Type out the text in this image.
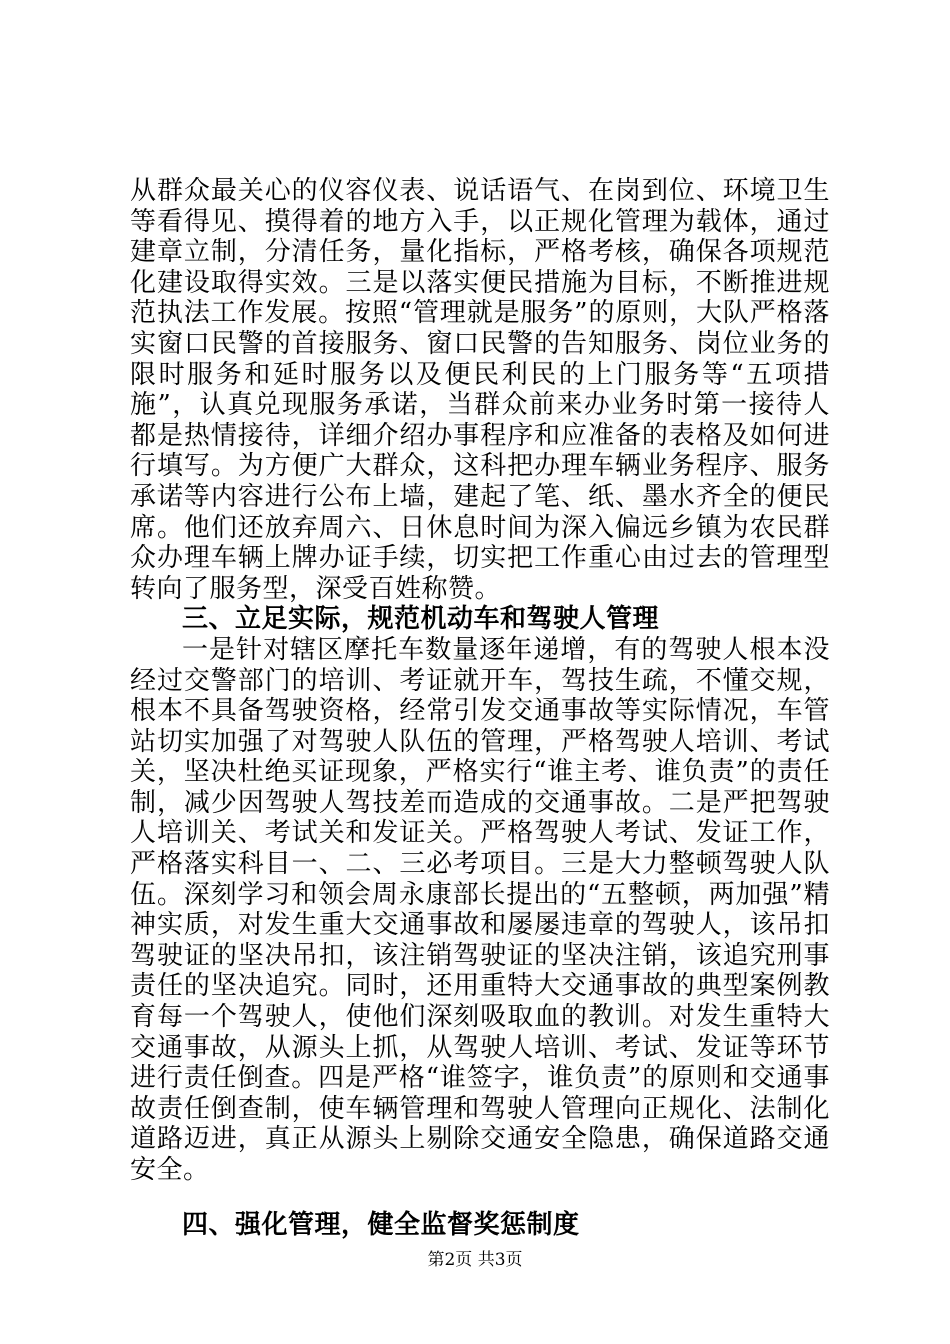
从群众最关心的仪容仪表、说话语气、在岗到位、环境卫生等看得见、摸得着的地方入手，以正规化管理为载体，通过建章立制，分清任务，量化指标，严格考核，确保各项规范化建设取得实效。三是以落实便民措施为目标，不断推进规范执法工作发展。按照“管理就是服务”的原则，大队严格落实窗口民警的首接服务、窗口民警的告知服务、岗位业务的限时服务和延时服务以及便民利民的上门服务等“五项措施”，认真兑现服务承诺，当群众前来办业务时第一接待人都是热情接待，详细介绍办事程序和应准备的表格及如何进行填写。为方便广大群众，这科把办理车辆业务程序、服务承诺等内容进行公布上墙，建起了笔、纸、墨水齐全的便民席。他们还放弃周六、日休息时间为深入偏远乡镇为农民群众办理车辆上牌办证手续，切实把工作重心由过去的管理型转向了服务型，深受百姓称赞。

三、立足实际，规范机动车和驾驶人管理

一是针对辖区摩托车数量逐年递增，有的驾驶人根本没经过交警部门的培训、考证就开车，驾技生疏，不懂交规，根本不具备驾驶资格，经常引发交通事故等实际情况，车管站切实加强了对驾驶人队伍的管理，严格驾驶人培训、考试关，坚决杜绝买证现象，严格实行“谁主考、谁负责”的责任制，减少因驾驶人驾技差而造成的交通事故。二是严把驾驶人培训关、考试关和发证关。严格驾驶人考试、发证工作，严格落实科目一、二、三必考项目。三是大力整顿驾驶人队伍。深刻学习和领会周永康部长提出的“五整顿，两加强”精神实质，对发生重大交通事故和屡屡违章的驾驶人，该吊扣驾驶证的坚决吊扣，该注销驾驶证的坚决注销，该追究刑事责任的坚决追究。同时，还用重特大交通事故的典型案例教育每一个驾驶人，使他们深刻吸取血的教训。对发生重特大交通事故，从源头上抓，从驾驶人培训、考试、发证等环节进行责任倒查。四是严格“谁签字，谁负责”的原则和交通事故责任倒查制，使车辆管理和驾驶人管理向正规化、法制化道路迈进，真正从源头上剔除交通安全隐患，确保道路交通安全。

四、强化管理，健全监督奖惩制度
第2页 共3页
